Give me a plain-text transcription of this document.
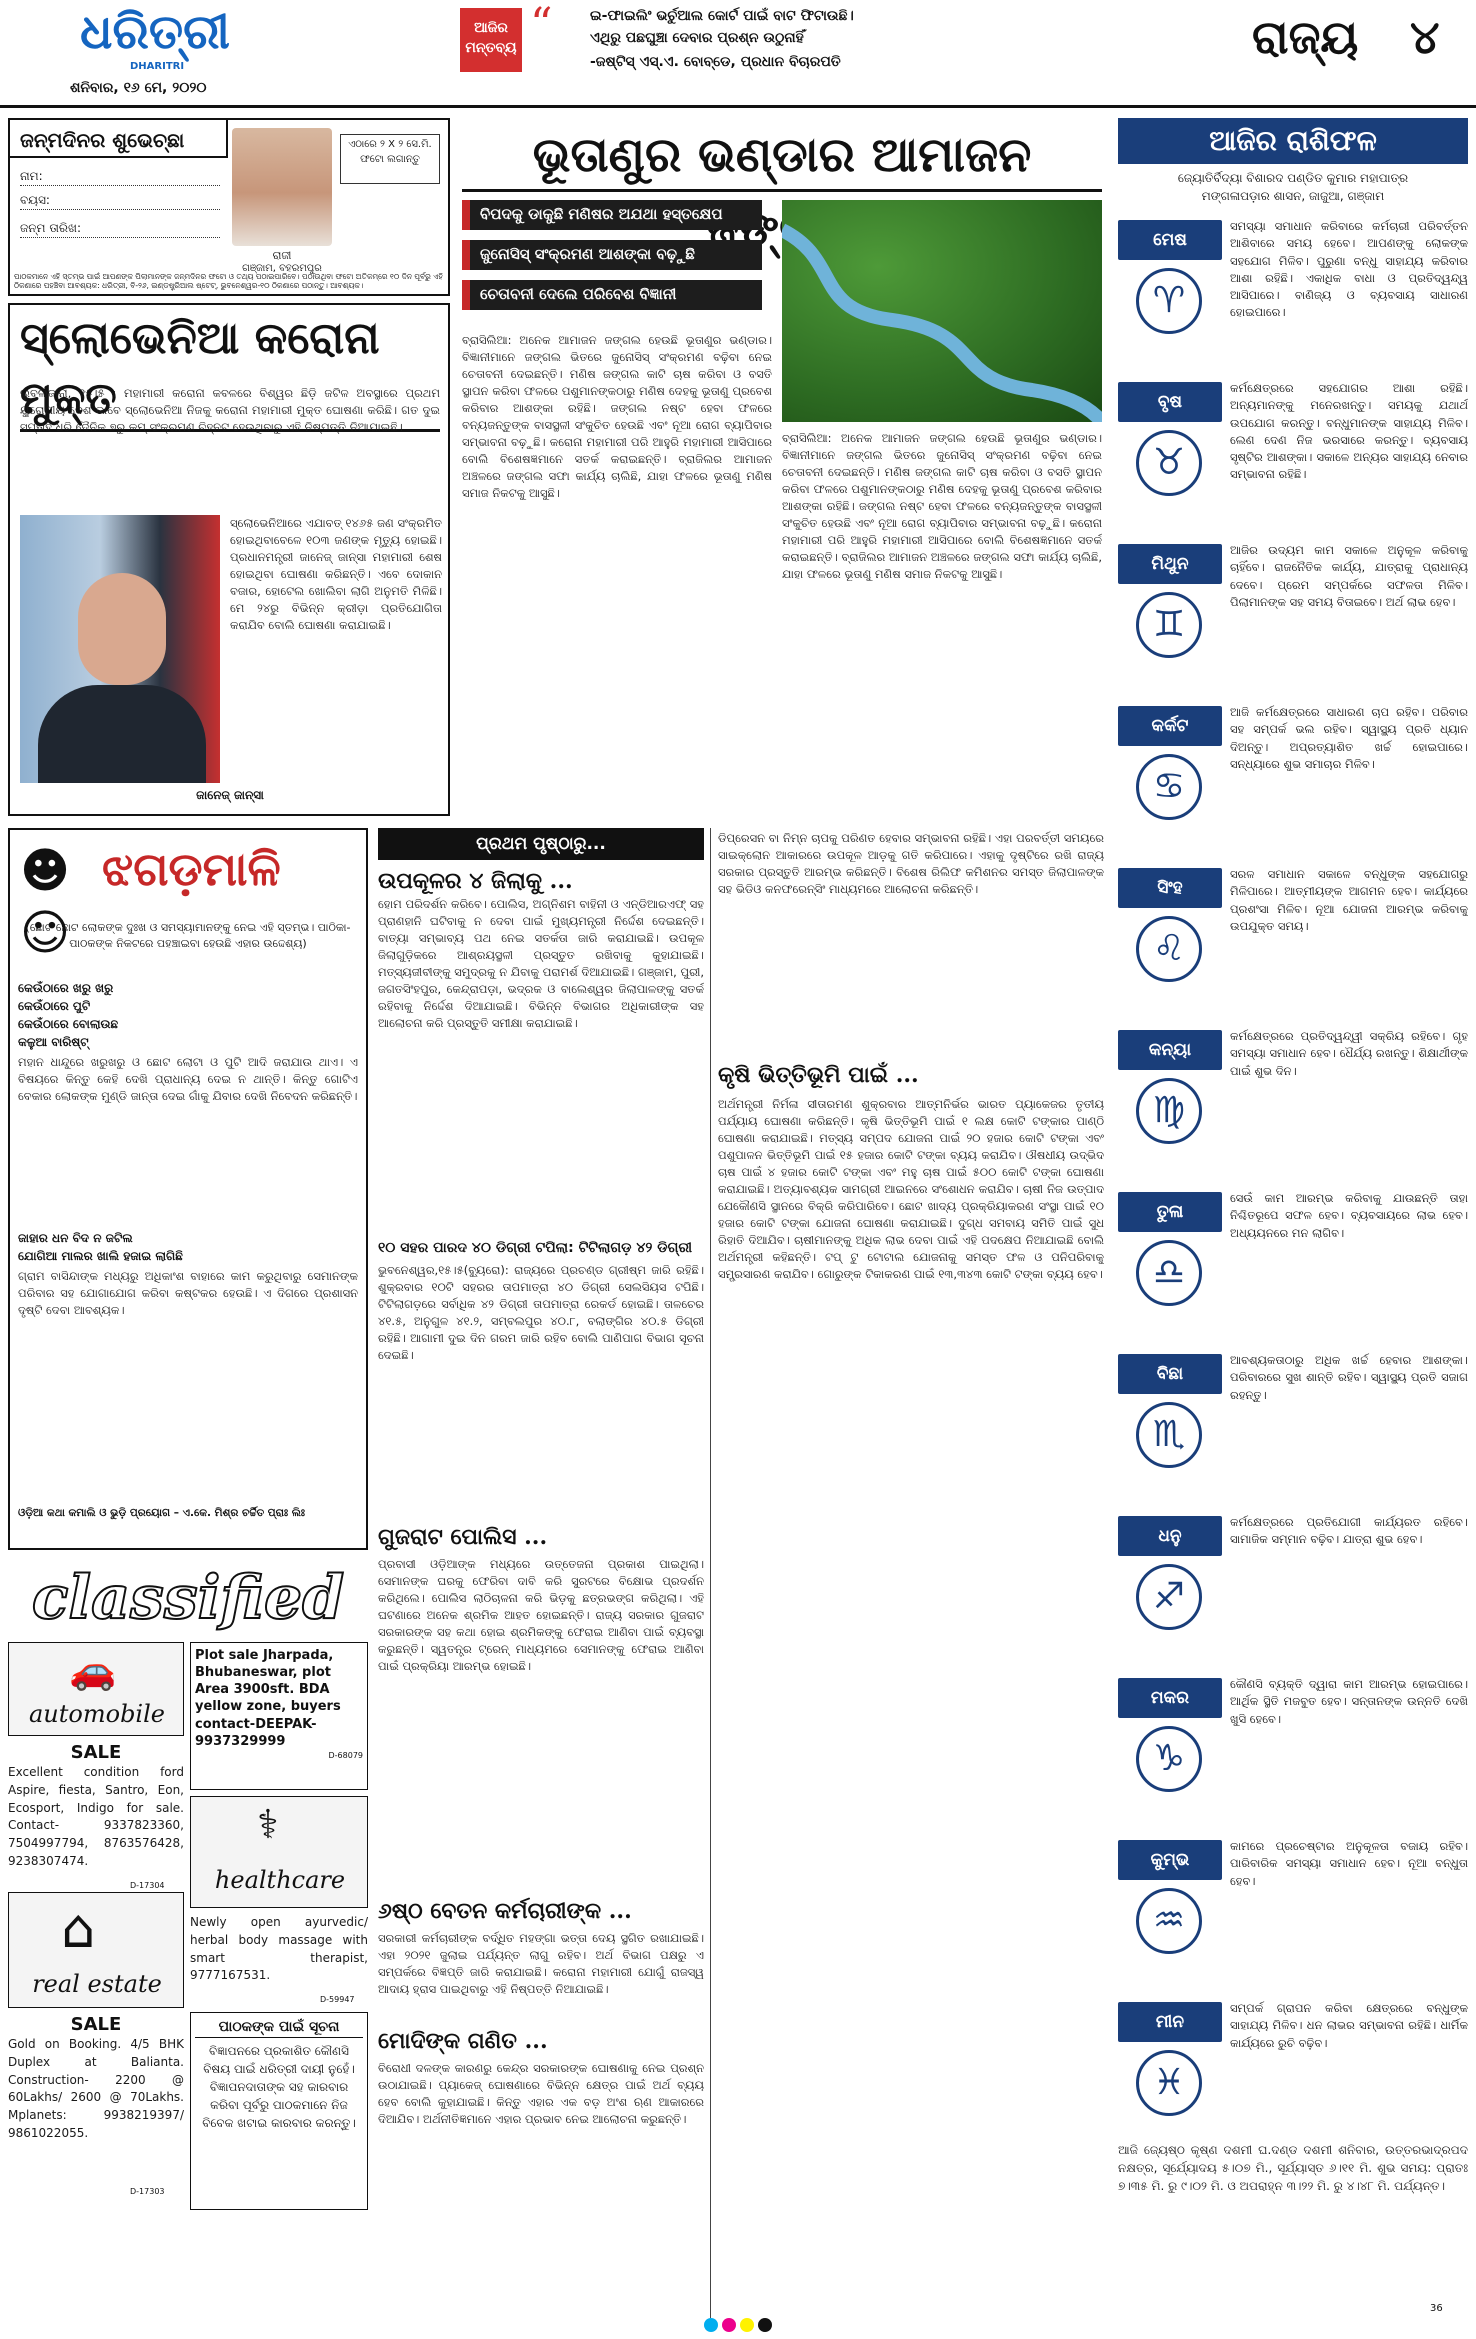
ଧରିତ୍ରୀ
DHARITRI
ଶନିବାର, ୧୬ ମେ, ୨୦୨୦
ଆଜିର
ମନ୍ତବ୍ୟ “	ଇ-ଫାଇଲିଂ ଭର୍ଚୁଆଲ କୋର୍ଟ ପାଇଁ ବାଟ ଫିଟାଉଛି।
ଏଥିରୁ ପଛଘୁଞ୍ଚା ଦେବାର ପ୍ରଶ୍ନ ଉଠୁନାହିଁ
-ଜଷ୍ଟିସ୍ ଏସ୍.ଏ. ବୋବ୍‌ଡେ, ପ୍ରଧାନ ବିଚାରପତି	ରାଜ୍ୟ ୪
ଜନ୍ମଦିନର ଶୁଭେଚ୍ଛା
ନାମ:
ବୟସ:
ଜନ୍ମ ତାରିଖ:
ରାଜୀ
ଗଞ୍ଜାମ, ବହରମପୁର
ଏଠାରେ ୨ X ୨ ସେ.ମି. ଫଟୋ ଲଗାନ୍ତୁ
ପାଠକମାନେ ଏହି ସ୍ତମ୍ଭ ପାଇଁ ଆପଣଙ୍କ ପିଲାମାନଙ୍କ ଜନ୍ମଦିନର ଫଟୋ ଓ ତଥ୍ୟ ପଠାଇପାରିବେ। ପଠାଉଥିବା ଫଟୋ ଅତିକମ୍‌ରେ ୧୦ ଦିନ ପୂର୍ବରୁ ଏହି ଠିକଣାରେ ପହଞ୍ଚିବା ଆବଶ୍ୟକ: ଧରିତ୍ରୀ, ବି-୨୬, ଇଣ୍ଡଷ୍ଟ୍ରିଆଲ ଷ୍ଟେଟ୍, ଭୁବନେଶ୍ୱର-୧୦ ଠିକଣାରେ ପଠାନ୍ତୁ। ଆବଶ୍ୟକ।
ସ୍ଲୋଭେନିଆ କରୋନା ମୁକ୍ତ
ଲୁବଲଜାନା, ୧୫।୫ : ମହାମାରୀ କରୋନା କବଳରେ ବିଶ୍ୱର ଛିଡ଼ି ଜଟିଳ ଅବସ୍ଥାରେ ପ୍ରଥମ ୟୁରୋପୀୟ ଦେଶ ଭାବେ ସ୍ଲୋଭେନିଆ ନିଜକୁ କରୋନା ମହାମାରୀ ମୁକ୍ତ ଘୋଷଣା କରିଛି। ଗତ ଦୁଇ ସପ୍ତାହ ଧରି ଦୈନିକ ୭ରୁ କମ୍ ସଂକ୍ରମଣ ଚିହ୍ନଟ ହେଉଥିବାରୁ ଏହି ନିଷ୍ପତ୍ତି ନିଆଯାଇଛି।
ଜାନେଜ୍ ଜାନ୍ସା
ସ୍ଲୋଭେନିଆରେ ଏଯାବତ୍ ୧୪୬୫ ଜଣ ସଂକ୍ରମିତ ହୋଇଥିବାବେଳେ ୧୦୩ ଜଣଙ୍କ ମୃତ୍ୟୁ ହୋଇଛି। ପ୍ରଧାନମନ୍ତ୍ରୀ ଜାନେଜ୍ ଜାନ୍ସା ମହାମାରୀ ଶେଷ ହୋଇଥିବା ଘୋଷଣା କରିଛନ୍ତି। ଏବେ ଦୋକାନ ବଜାର, ହୋଟେଲ ଖୋଲିବା ଲାଗି ଅନୁମତି ମିଳିଛି। ମେ ୨୪ରୁ ବିଭିନ୍ନ କ୍ରୀଡ଼ା ପ୍ରତିଯୋଗିତା କରାଯିବ ବୋଲି ଘୋଷଣା କରାଯାଇଛି।
ଭୂତାଣୁର ଭଣ୍ଡାର ଆମାଜନ
ବିପଦକୁ ଡାକୁଛି ମଣିଷର ଅଯଥା ହସ୍ତକ୍ଷେପ
ଜୁନୋସିସ୍ ସଂକ୍ରମଣ ଆଶଙ୍କା ବଢ଼ୁଛି
ଚେତାବନୀ ଦେଲେ ପରିବେଶ ବିଜ୍ଞାନୀ
ବ୍ରାସିଲିଆ: ଅନେକ ଆମାଜନ ଜଙ୍ଗଲ ହେଉଛି ଭୂତାଣୁର ଭଣ୍ଡାର। ବିଜ୍ଞାନୀମାନେ ଜଙ୍ଗଲ ଭିତରେ ଜୁନୋସିସ୍ ସଂକ୍ରମଣ ବଢ଼ିବା ନେଇ ଚେତାବନୀ ଦେଇଛନ୍ତି। ମଣିଷ ଜଙ୍ଗଲ କାଟି ଚାଷ କରିବା ଓ ବସତି ସ୍ଥାପନ କରିବା ଫଳରେ ପଶୁମାନଙ୍କଠାରୁ ମଣିଷ ଦେହକୁ ଭୂତାଣୁ ପ୍ରବେଶ କରିବାର ଆଶଙ୍କା ରହିଛି। ଜଙ୍ଗଲ ନଷ୍ଟ ହେବା ଫଳରେ ବନ୍ୟଜନ୍ତୁଙ୍କ ବାସସ୍ଥଳୀ ସଂକୁଚିତ ହେଉଛି ଏବଂ ନୂଆ ରୋଗ ବ୍ୟାପିବାର ସମ୍ଭାବନା ବଢ଼ୁଛି। କରୋନା ମହାମାରୀ ପରି ଆହୁରି ମହାମାରୀ ଆସିପାରେ ବୋଲି ବିଶେଷଜ୍ଞମାନେ ସତର୍କ କରାଇଛନ୍ତି। ବ୍ରାଜିଲର ଆମାଜନ ଅଞ୍ଚଳରେ ଜଙ୍ଗଲ ସଫା କାର୍ଯ୍ୟ ଚାଲିଛି, ଯାହା ଫଳରେ ଭୂତାଣୁ ମଣିଷ ସମାଜ ନିକଟକୁ ଆସୁଛି।
ବ୍ରାସିଲିଆ: ଅନେକ ଆମାଜନ ଜଙ୍ଗଲ ହେଉଛି ଭୂତାଣୁର ଭଣ୍ଡାର। ବିଜ୍ଞାନୀମାନେ ଜଙ୍ଗଲ ଭିତରେ ଜୁନୋସିସ୍ ସଂକ୍ରମଣ ବଢ଼ିବା ନେଇ ଚେତାବନୀ ଦେଇଛନ୍ତି। ମଣିଷ ଜଙ୍ଗଲ କାଟି ଚାଷ କରିବା ଓ ବସତି ସ୍ଥାପନ କରିବା ଫଳରେ ପଶୁମାନଙ୍କଠାରୁ ମଣିଷ ଦେହକୁ ଭୂତାଣୁ ପ୍ରବେଶ କରିବାର ଆଶଙ୍କା ରହିଛି। ଜଙ୍ଗଲ ନଷ୍ଟ ହେବା ଫଳରେ ବନ୍ୟଜନ୍ତୁଙ୍କ ବାସସ୍ଥଳୀ ସଂକୁଚିତ ହେଉଛି ଏବଂ ନୂଆ ରୋଗ ବ୍ୟାପିବାର ସମ୍ଭାବନା ବଢ଼ୁଛି। କରୋନା ମହାମାରୀ ପରି ଆହୁରି ମହାମାରୀ ଆସିପାରେ ବୋଲି ବିଶେଷଜ୍ଞମାନେ ସତର୍କ କରାଇଛନ୍ତି। ବ୍ରାଜିଲର ଆମାଜନ ଅଞ୍ଚଳରେ ଜଙ୍ଗଲ ସଫା କାର୍ଯ୍ୟ ଚାଲିଛି, ଯାହା ଫଳରେ ଭୂତାଣୁ ମଣିଷ ସମାଜ ନିକଟକୁ ଆସୁଛି।
ଆଜିର ରାଶିଫଳ
ଜ୍ୟୋତିର୍ବିଦ୍ୟା ବିଶାରଦ ପଣ୍ଡିତ କୁମାର ମହାପାତ୍ର
ମଙ୍ଗଳାପଡ଼ାର ଶାସନ, ଜାଜୁଆ, ଗଞ୍ଜାମ
ମେଷ
♈
ସମସ୍ୟା ସମାଧାନ କରିବାରେ କର୍ମଚାରୀ ପରିବର୍ତ୍ତନ ଆଶିବାରେ ସମୟ ହେବେ। ଆପଣଙ୍କୁ ଲୋକଙ୍କ ସହଯୋଗ ମିଳିବ। ପୁରୁଣା ବନ୍ଧୁ ସାହାଯ୍ୟ କରିବାର ଆଶା ରହିଛି। ଏକାଧିକ ବାଧା ଓ ପ୍ରତିଦ୍ୱନ୍ଦ୍ୱ ଆସିପାରେ। ବାଣିଜ୍ୟ ଓ ବ୍ୟବସାୟ ସାଧାରଣ ହୋଇପାରେ।
ବୃଷ
♉
କର୍ମକ୍ଷେତ୍ରରେ ସହଯୋଗର ଆଶା ରହିଛି। ଅନ୍ୟମାନଙ୍କୁ ମନେରଖନ୍ତୁ। ସମୟକୁ ଯଥାର୍ଥ ଉପଯୋଗ କରନ୍ତୁ। ବନ୍ଧୁମାନଙ୍କ ସାହାଯ୍ୟ ମିଳିବ। ଲେଣ ଦେଣ ନିଜ ଭରସାରେ କରନ୍ତୁ। ବ୍ୟବସାୟ ସୃଷ୍ଟିର ଆଶଙ୍କା। ସକାଳେ ଅନ୍ୟର ସାହାଯ୍ୟ ନେବାର ସମ୍ଭାବନା ରହିଛି।
ମିଥୁନ
♊
ଆଜିର ଉଦ୍ୟମ କାମ ସକାଳେ ଅନୁକୂଳ କରିବାକୁ ଚାହିଁବେ। ରାଜନୈତିକ କାର୍ଯ୍ୟ, ଯାତ୍ରାକୁ ପ୍ରାଧାନ୍ୟ ଦେବେ। ପ୍ରେମ ସମ୍ପର୍କରେ ସଫଳତା ମିଳିବ। ପିଲାମାନଙ୍କ ସହ ସମୟ ବିତାଇବେ। ଅର୍ଥ ଲାଭ ହେବ।
କର୍କଟ
♋
ଆଜି କର୍ମକ୍ଷେତ୍ରରେ ସାଧାରଣ ଚାପ ରହିବ। ପରିବାର ସହ ସମ୍ପର୍କ ଭଲ ରହିବ। ସ୍ୱାସ୍ଥ୍ୟ ପ୍ରତି ଧ୍ୟାନ ଦିଅନ୍ତୁ। ଅପ୍ରତ୍ୟାଶିତ ଖର୍ଚ୍ଚ ହୋଇପାରେ। ସନ୍ଧ୍ୟାରେ ଶୁଭ ସମାଚାର ମିଳିବ।
ସିଂହ
♌
ସରଳ ସମାଧାନ ସକାଳେ ବନ୍ଧୁଙ୍କ ସହଯୋଗରୁ ମିଳିପାରେ। ଆତ୍ମୀୟଙ୍କ ଆଗମନ ହେବ। କାର୍ଯ୍ୟରେ ପ୍ରଶଂସା ମିଳିବ। ନୂଆ ଯୋଜନା ଆରମ୍ଭ କରିବାକୁ ଉପଯୁକ୍ତ ସମୟ।
କନ୍ୟା
♍
କର୍ମକ୍ଷେତ୍ରରେ ପ୍ରତିଦ୍ୱନ୍ଦ୍ୱୀ ସକ୍ରିୟ ରହିବେ। ଗୃହ ସମସ୍ୟା ସମାଧାନ ହେବ। ଧୈର୍ଯ୍ୟ ରଖନ୍ତୁ। ଶିକ୍ଷାର୍ଥୀଙ୍କ ପାଇଁ ଶୁଭ ଦିନ।
ତୁଳା
♎
ସେଉଁ କାମ ଆରମ୍ଭ କରିବାକୁ ଯାଉଛନ୍ତି ତାହା ନିଶ୍ଚିତରୂପେ ସଫଳ ହେବ। ବ୍ୟବସାୟରେ ଲାଭ ହେବ। ଅଧ୍ୟୟନରେ ମନ ଲାଗିବ।
ବିଛା
♏
ଆବଶ୍ୟକତାଠାରୁ ଅଧିକ ଖର୍ଚ୍ଚ ହେବାର ଆଶଙ୍କା। ପରିବାରରେ ସୁଖ ଶାନ୍ତି ରହିବ। ସ୍ୱାସ୍ଥ୍ୟ ପ୍ରତି ସଜାଗ ରହନ୍ତୁ।
ଧନୁ
♐
କର୍ମକ୍ଷେତ୍ରରେ ପ୍ରତିଯୋଗୀ କାର୍ଯ୍ୟରତ ରହିବେ। ସାମାଜିକ ସମ୍ମାନ ବଢ଼ିବ। ଯାତ୍ରା ଶୁଭ ହେବ।
ମକର
♑
କୌଣସି ବ୍ୟକ୍ତି ଦ୍ୱାରା କାମ ଆରମ୍ଭ ହୋଇପାରେ। ଆର୍ଥିକ ସ୍ଥିତି ମଜବୁତ ହେବ। ସନ୍ତାନଙ୍କ ଉନ୍ନତି ଦେଖି ଖୁସି ହେବେ।
କୁମ୍ଭ
♒
କାମରେ ପ୍ରଚେଷ୍ଟାର ଅନୁକୂଳତା ବଜାୟ ରହିବ। ପାରିବାରିକ ସମସ୍ୟା ସମାଧାନ ହେବ। ନୂଆ ବନ୍ଧୁତା ହେବ।
ମୀନ
♓
ସମ୍ପର୍କ ଗ୍ରାପନ କରିବା କ୍ଷେତ୍ରରେ ବନ୍ଧୁଙ୍କ ସାହାଯ୍ୟ ମିଳିବ। ଧନ ଲାଭର ସମ୍ଭାବନା ରହିଛି। ଧାର୍ମିକ କାର୍ଯ୍ୟରେ ରୁଚି ବଢ଼ିବ।
ଆଜି ଜ୍ୟେଷ୍ଠ କୃଷ୍ଣ ଦଶମୀ ଘ.ଦଣ୍ଡ ଦଶମୀ ଶନିବାର, ଉତ୍ତରଭାଦ୍ରପଦ ନକ୍ଷତ୍ର, ସୂର୍ଯ୍ୟୋଦୟ ୫।୦୭ ମି., ସୂର୍ଯ୍ୟାସ୍ତ ୬।୧୧ ମି. ଶୁଭ ସମୟ: ପ୍ରାତଃ ୭।୩୫ ମି. ରୁ ୯।୦୨ ମି. ଓ ଅପରାହ୍ନ ୩।୨୨ ମି. ରୁ ୪।୪୮ ମି. ପର୍ଯ୍ୟନ୍ତ।
☻☺
ଝଗଡ଼ମାଳି
(ଛୋଟ ଛୋଟ ଲୋକଙ୍କ ଦୁଃଖ ଓ ସମସ୍ୟାମାନଙ୍କୁ ନେଇ ଏହି ସ୍ତମ୍ଭ। ପାଠିକା-ପାଠକଙ୍କ ନିକଟରେ ପହଞ୍ଚାଇବା ହେଉଛି ଏହାର ଉଦ୍ଦେଶ୍ୟ)
କେଉଁଠାରେ ଖରୁ ଖରୁ
କେଉଁଠାରେ ପୁଟି
କେଉଁଠାରେ ବୋଲାଉଛ
କଳୁଆ ବାରିଷ୍ଟ୍
ମହାନ ଧାନ୍ଦୁରେ ଖରୁଖରୁ ଓ ଛୋଟ ଲୋଟା ଓ ପୁଟି ଆଦି ଜରାଯାଉ ଥାଏ। ଏ ବିଷୟରେ କିନ୍ତୁ କେହି ଦେଖି ପ୍ରାଧାନ୍ୟ ଦେଇ ନ ଥାନ୍ତି। କିନ୍ତୁ ଗୋଟିଏ ବେକାର ଲୋକଙ୍କ ମୁଣ୍ଡି ଜାନ୍ତା ଦେଇ ଗାଁକୁ ଯିବାର ଦେଖି ନିବେଦନ କରିଛନ୍ତି।
ଜାହାର ଧନ ବିଦ ନ ଜଟିଲ
ଯୋଗିଆ ମାଲର ଖାଲି ହଜାଇ ଲାଗିଛି
ଗ୍ରାମ ବାସିନ୍ଦାଙ୍କ ମଧ୍ୟରୁ ଅଧିକାଂଶ ବାହାରେ କାମ କରୁଥିବାରୁ ସେମାନଙ୍କ ପରିବାର ସହ ଯୋଗାଯୋଗ କରିବା କଷ୍ଟକର ହେଉଛି। ଏ ଦିଗରେ ପ୍ରଶାସନ ଦୃଷ୍ଟି ଦେବା ଆବଶ୍ୟକ।
ଓଡ଼ିଆ କଥା କମାଲି ଓ ଭୁଡ଼ି ପ୍ରୟୋଗ – ଏ.କେ. ମିଶ୍ର ଚର୍ଚ୍ଚିତ ପ୍ରାଃ ଲିଃ
classified
🚗
automobile
SALE
Excellent condition ford Aspire, fiesta, Santro, Eon, Ecosport, Indigo for sale. Contact- 9337823360, 7504997794, 8763576428, 9238307474.
D-17304
⌂
real estate
SALE
Gold on Booking. 4/5 BHK Duplex at Balianta. Construction- 2200 @ 60Lakhs/ 2600 @ 70Lakhs. Mplanets: 9938219397/ 9861022055.
D-17303
Plot sale Jharpada, Bhubaneswar, plot Area 3900sft. BDA yellow zone, buyers contact-DEEPAK-9937329999
D-68079
⚕
healthcare
Newly open ayurvedic/ herbal body massage with smart therapist, 9777167531.
D-59947
ପାଠକଙ୍କ ପାଇଁ ସୂଚନା
ବିଜ୍ଞାପନରେ ପ୍ରକାଶିତ କୌଣସି ବିଷୟ ପାଇଁ ଧରିତ୍ରୀ ଦାୟୀ ନୁହେଁ। ବିଜ୍ଞାପନଦାତାଙ୍କ ସହ କାରବାର କରିବା ପୂର୍ବରୁ ପାଠକମାନେ ନିଜ ବିବେକ ଖଟାଇ କାରବାର କରନ୍ତୁ।
ପ୍ରଥମ ପୃଷ୍ଠାରୁ...
ଉପକୂଳର ୪ ଜିଲାକୁ ...
ହୋମ ପରିଦର୍ଶନ କରିବେ। ପୋଲିସ, ଅଗ୍ନିଶମ ବାହିନୀ ଓ ଏନ୍‌ଡିଆରଏଫ୍ ସହ ପ୍ରାଣହାନି ଘଟିବାକୁ ନ ଦେବା ପାଇଁ ମୁଖ୍ୟମନ୍ତ୍ରୀ ନିର୍ଦ୍ଦେଶ ଦେଇଛନ୍ତି। ବାତ୍ୟା ସମ୍ଭାବ୍ୟ ପଥ ନେଇ ସତର୍କତା ଜାରି କରାଯାଇଛି। ଉପକୂଳ ଜିଲାଗୁଡ଼ିକରେ ଆଶ୍ରୟସ୍ଥଳୀ ପ୍ରସ୍ତୁତ ରଖିବାକୁ କୁହାଯାଇଛି। ମତ୍ସ୍ୟଜୀବୀଙ୍କୁ ସମୁଦ୍ରକୁ ନ ଯିବାକୁ ପରାମର୍ଶ ଦିଆଯାଇଛି। ଗଞ୍ଜାମ, ପୁରୀ, ଜଗତସିଂହପୁର, କେନ୍ଦ୍ରାପଡ଼ା, ଭଦ୍ରକ ଓ ବାଲେଶ୍ୱର ଜିଲାପାଳଙ୍କୁ ସତର୍କ ରହିବାକୁ ନିର୍ଦ୍ଦେଶ ଦିଆଯାଇଛି। ବିଭିନ୍ନ ବିଭାଗର ଅଧିକାରୀଙ୍କ ସହ ଆଲୋଚନା କରି ପ୍ରସ୍ତୁତି ସମୀକ୍ଷା କରାଯାଇଛି।
୧୦ ସହର ପାରଦ ୪୦ ଡିଗ୍ରୀ ଟପିଲା: ଟିଟିଲାଗଡ଼ ୪୨ ଡିଗ୍ରୀ
ଭୁବନେଶ୍ୱର,୧୫।୫(ବ୍ୟୁରୋ): ରାଜ୍ୟରେ ପ୍ରଚଣ୍ଡ ଗ୍ରୀଷ୍ମ ଜାରି ରହିଛି। ଶୁକ୍ରବାର ୧୦ଟି ସହରର ତାପମାତ୍ରା ୪୦ ଡିଗ୍ରୀ ସେଲସିୟସ ଟପିଛି। ଟିଟିଲାଗଡ଼ରେ ସର୍ବାଧିକ ୪୨ ଡିଗ୍ରୀ ତାପମାତ୍ରା ରେକର୍ଡ ହୋଇଛି। ତାଳଚେର ୪୧.୫, ଅନୁଗୁଳ ୪୧.୨, ସମ୍ବଲପୁର ୪୦.୮, ବଲାଙ୍ଗିର ୪୦.୫ ଡିଗ୍ରୀ ରହିଛି। ଆଗାମୀ ଦୁଇ ଦିନ ଗରମ ଜାରି ରହିବ ବୋଲି ପାଣିପାଗ ବିଭାଗ ସୂଚନା ଦେଇଛି।
ଗୁଜରାଟ ପୋଲିସ ...
ପ୍ରବାସୀ ଓଡ଼ିଆଙ୍କ ମଧ୍ୟରେ ଉତ୍ତେଜନା ପ୍ରକାଶ ପାଇଥିଲା। ସେମାନଙ୍କ ଘରକୁ ଫେରିବା ଦାବି କରି ସୁରଟରେ ବିକ୍ଷୋଭ ପ୍ରଦର୍ଶନ କରିଥିଲେ। ପୋଲିସ ଲାଠିଚାଳନା କରି ଭିଡ଼କୁ ଛତ୍ରଭଙ୍ଗ କରିଥିଲା। ଏହି ଘଟଣାରେ ଅନେକ ଶ୍ରମିକ ଆହତ ହୋଇଛନ୍ତି। ରାଜ୍ୟ ସରକାର ଗୁଜରାଟ ସରକାରଙ୍କ ସହ କଥା ହୋଇ ଶ୍ରମିକଙ୍କୁ ଫେରାଇ ଆଣିବା ପାଇଁ ବ୍ୟବସ୍ଥା କରୁଛନ୍ତି। ସ୍ୱତନ୍ତ୍ର ଟ୍ରେନ୍ ମାଧ୍ୟମରେ ସେମାନଙ୍କୁ ଫେରାଇ ଆଣିବା ପାଇଁ ପ୍ରକ୍ରିୟା ଆରମ୍ଭ ହୋଇଛି।
୬ଷ୍ଠ ବେତନ କର୍ମଚାରୀଙ୍କ ...
ସରକାରୀ କର୍ମଚାରୀଙ୍କ ବର୍ଦ୍ଧିତ ମହଙ୍ଗା ଭତ୍ତା ଦେୟ ସ୍ଥଗିତ ରଖାଯାଇଛି। ଏହା ୨୦୨୧ ଜୁଲାଇ ପର୍ଯ୍ୟନ୍ତ ଲାଗୁ ରହିବ। ଅର୍ଥ ବିଭାଗ ପକ୍ଷରୁ ଏ ସମ୍ପର୍କରେ ବିଜ୍ଞପ୍ତି ଜାରି କରାଯାଇଛି। କରୋନା ମହାମାରୀ ଯୋଗୁଁ ରାଜସ୍ୱ ଆଦାୟ ହ୍ରାସ ପାଇଥିବାରୁ ଏହି ନିଷ୍ପତ୍ତି ନିଆଯାଇଛି।
ମୋଦିଙ୍କ ଗଣିତ ...
ବିରୋଧୀ ଦଳଙ୍କ କାରଣରୁ କେନ୍ଦ୍ର ସରକାରଙ୍କ ଘୋଷଣାକୁ ନେଇ ପ୍ରଶ୍ନ ଉଠାଯାଇଛି। ପ୍ୟାକେଜ୍ ଘୋଷଣାରେ ବିଭିନ୍ନ କ୍ଷେତ୍ର ପାଇଁ ଅର୍ଥ ବ୍ୟୟ ହେବ ବୋଲି କୁହାଯାଇଛି। କିନ୍ତୁ ଏହାର ଏକ ବଡ଼ ଅଂଶ ଋଣ ଆକାରରେ ଦିଆଯିବ। ଅର୍ଥନୀତିଜ୍ଞମାନେ ଏହାର ପ୍ରଭାବ ନେଇ ଆଲୋଚନା କରୁଛନ୍ତି।
ଡିପ୍ରେସନ ବା ନିମ୍ନ ଚାପକୁ ପରିଣତ ହେବାର ସମ୍ଭାବନା ରହିଛି। ଏହା ପରବର୍ତ୍ତୀ ସମୟରେ ସାଇକ୍ଲୋନ ଆକାରରେ ଉପକୂଳ ଆଡ଼କୁ ଗତି କରିପାରେ। ଏହାକୁ ଦୃଷ୍ଟିରେ ରଖି ରାଜ୍ୟ ସରକାର ପ୍ରସ୍ତୁତି ଆରମ୍ଭ କରିଛନ୍ତି। ବିଶେଷ ରିଲିଫ କମିଶନର ସମସ୍ତ ଜିଲାପାଳଙ୍କ ସହ ଭିଡିଓ କନଫରେନ୍ସିଂ ମାଧ୍ୟମରେ ଆଲୋଚନା କରିଛନ୍ତି।
କୃଷି ଭିତ୍ତିଭୂମି ପାଇଁ ...
ଅର୍ଥମନ୍ତ୍ରୀ ନିର୍ମଳା ସୀତାରମଣ ଶୁକ୍ରବାର ଆତ୍ମନିର୍ଭର ଭାରତ ପ୍ୟାକେଜର ତୃତୀୟ ପର୍ଯ୍ୟାୟ ଘୋଷଣା କରିଛନ୍ତି। କୃଷି ଭିତ୍ତିଭୂମି ପାଇଁ ୧ ଲକ୍ଷ କୋଟି ଟଙ୍କାର ପାଣ୍ଠି ଘୋଷଣା କରାଯାଇଛି। ମତ୍ସ୍ୟ ସମ୍ପଦ ଯୋଜନା ପାଇଁ ୨୦ ହଜାର କୋଟି ଟଙ୍କା ଏବଂ ପଶୁପାଳନ ଭିତ୍ତିଭୂମି ପାଇଁ ୧୫ ହଜାର କୋଟି ଟଙ୍କା ବ୍ୟୟ କରାଯିବ। ଔଷଧୀୟ ଉଦ୍ଭିଦ ଚାଷ ପାଇଁ ୪ ହଜାର କୋଟି ଟଙ୍କା ଏବଂ ମହୁ ଚାଷ ପାଇଁ ୫୦୦ କୋଟି ଟଙ୍କା ଘୋଷଣା କରାଯାଇଛି। ଅତ୍ୟାବଶ୍ୟକ ସାମଗ୍ରୀ ଆଇନରେ ସଂଶୋଧନ କରାଯିବ। ଚାଷୀ ନିଜ ଉତ୍ପାଦ ଯେକୌଣସି ସ୍ଥାନରେ ବିକ୍ରି କରିପାରିବେ। ଛୋଟ ଖାଦ୍ୟ ପ୍ରକ୍ରିୟାକରଣ ସଂସ୍ଥା ପାଇଁ ୧୦ ହଜାର କୋଟି ଟଙ୍କା ଯୋଜନା ଘୋଷଣା କରାଯାଇଛି। ଦୁଗ୍ଧ ସମବାୟ ସମିତି ପାଇଁ ସୁଧ ରିହାତି ଦିଆଯିବ। ଚାଷୀମାନଙ୍କୁ ଅଧିକ ଲାଭ ଦେବା ପାଇଁ ଏହି ପଦକ୍ଷେପ ନିଆଯାଇଛି ବୋଲି ଅର୍ଥମନ୍ତ୍ରୀ କହିଛନ୍ତି। ଟପ୍ ଟୁ ଟୋଟାଲ ଯୋଜନାକୁ ସମସ୍ତ ଫଳ ଓ ପନିପରିବାକୁ ସମ୍ପ୍ରସାରଣ କରାଯିବ। ଗୋରୁଙ୍କ ଟିକାକରଣ ପାଇଁ ୧୩,୩୪୩ କୋଟି ଟଙ୍କା ବ୍ୟୟ ହେବ।
36
